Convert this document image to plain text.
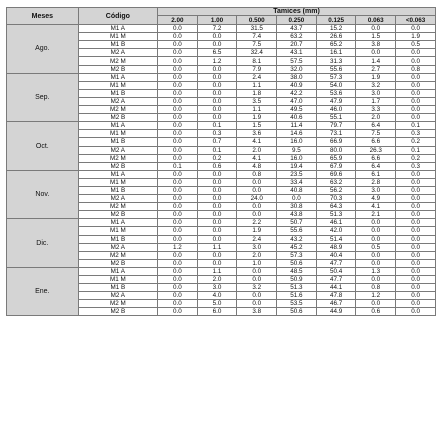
Meses	Código	Tamices (mm)						
		2.00	1.00	0.500	0.250	0.125	0.063	<0.063
Ago.	M1 A	0.0	7.2	31.5	43.7	15.2	0.0	0.0
	M1 M	0.0	0.0	7.4	63.2	26.6	1.5	1.9
	M1 B	0.0	0.0	7.5	20.7	65.2	3.8	0.5
	M2 A	0.0	6.5	32.4	43.1	16.1	0.0	0.0
	M2 M	0.0	1.2	8.1	57.5	31.3	1.4	0.0
	M2 B	0.0	0.0	7.9	32.0	55.6	2.7	0.8
Sep.	M1 A	0.0	0.0	2.4	38.0	57.3	1.9	0.0
	M1 M	0.0	0.0	1.1	40.9	54.0	3.2	0.0
	M1 B	0.0	0.0	1.8	42.2	53.6	3.0	0.0
	M2 A	0.0	0.0	3.5	47.0	47.9	1.7	0.0
	M2 M	0.0	0.0	1.1	49.5	46.0	3.3	0.0
	M2 B	0.0	0.0	1.9	40.6	55.1	2.0	0.0
Oct.	M1 A	0.0	0.1	1.5	11.4	79.7	6.4	0.1
	M1 M	0.0	0.3	3.6	14.6	73.1	7.5	0.3
	M1 B	0.0	0.7	4.1	16.0	66.9	6.6	0.2
	M2 A	0.0	0.1	2.0	9.5	80.0	26.3	0.1
	M2 M	0.0	0.2	4.1	16.0	65.9	6.6	0.2
	M2 B	0.1	0.6	4.8	19.4	67.9	6.4	0.3
Nov.	M1 A	0.0	0.0	0.8	23.5	69.6	6.1	0.0
	M1 M	0.0	0.0	0.0	33.4	63.2	2.8	0.0
	M1 B	0.0	0.0	0.0	40.8	56.2	3.0	0.0
	M2 A	0.0	0.0	24.0	0.0	70.3	4.9	0.0
	M2 M	0.0	0.0	0.0	30.8	64.3	4.1	0.0
	M2 B	0.0	0.0	0.0	43.8	51.3	2.1	0.0
Dic.	M1 A	0.0	0.0	2.2	50.7	46.1	0.0	0.0
	M1 M	0.0	0.0	1.9	55.6	42.0	0.0	0.0
	M1 B	0.0	0.0	2.4	43.2	51.4	0.0	0.0
	M2 A	1.2	1.1	3.0	45.2	48.9	0.5	0.0
	M2 M	0.0	0.0	2.0	57.3	40.4	0.0	0.0
	M2 B	0.0	0.0	1.0	50.6	47.7	0.0	0.0
Ene.	M1 A	0.0	1.1	0.0	48.5	50.4	1.3	0.0
	M1 M	0.0	2.0	0.0	50.9	47.7	0.0	0.0
	M1 B	0.0	3.0	3.2	51.3	44.1	0.8	0.0
	M2 A	0.0	4.0	0.0	51.6	47.8	1.2	0.0
	M2 M	0.0	5.0	0.0	53.5	46.7	0.0	0.0
	M2 B	0.0	6.0	3.8	50.6	44.9	0.6	0.0
